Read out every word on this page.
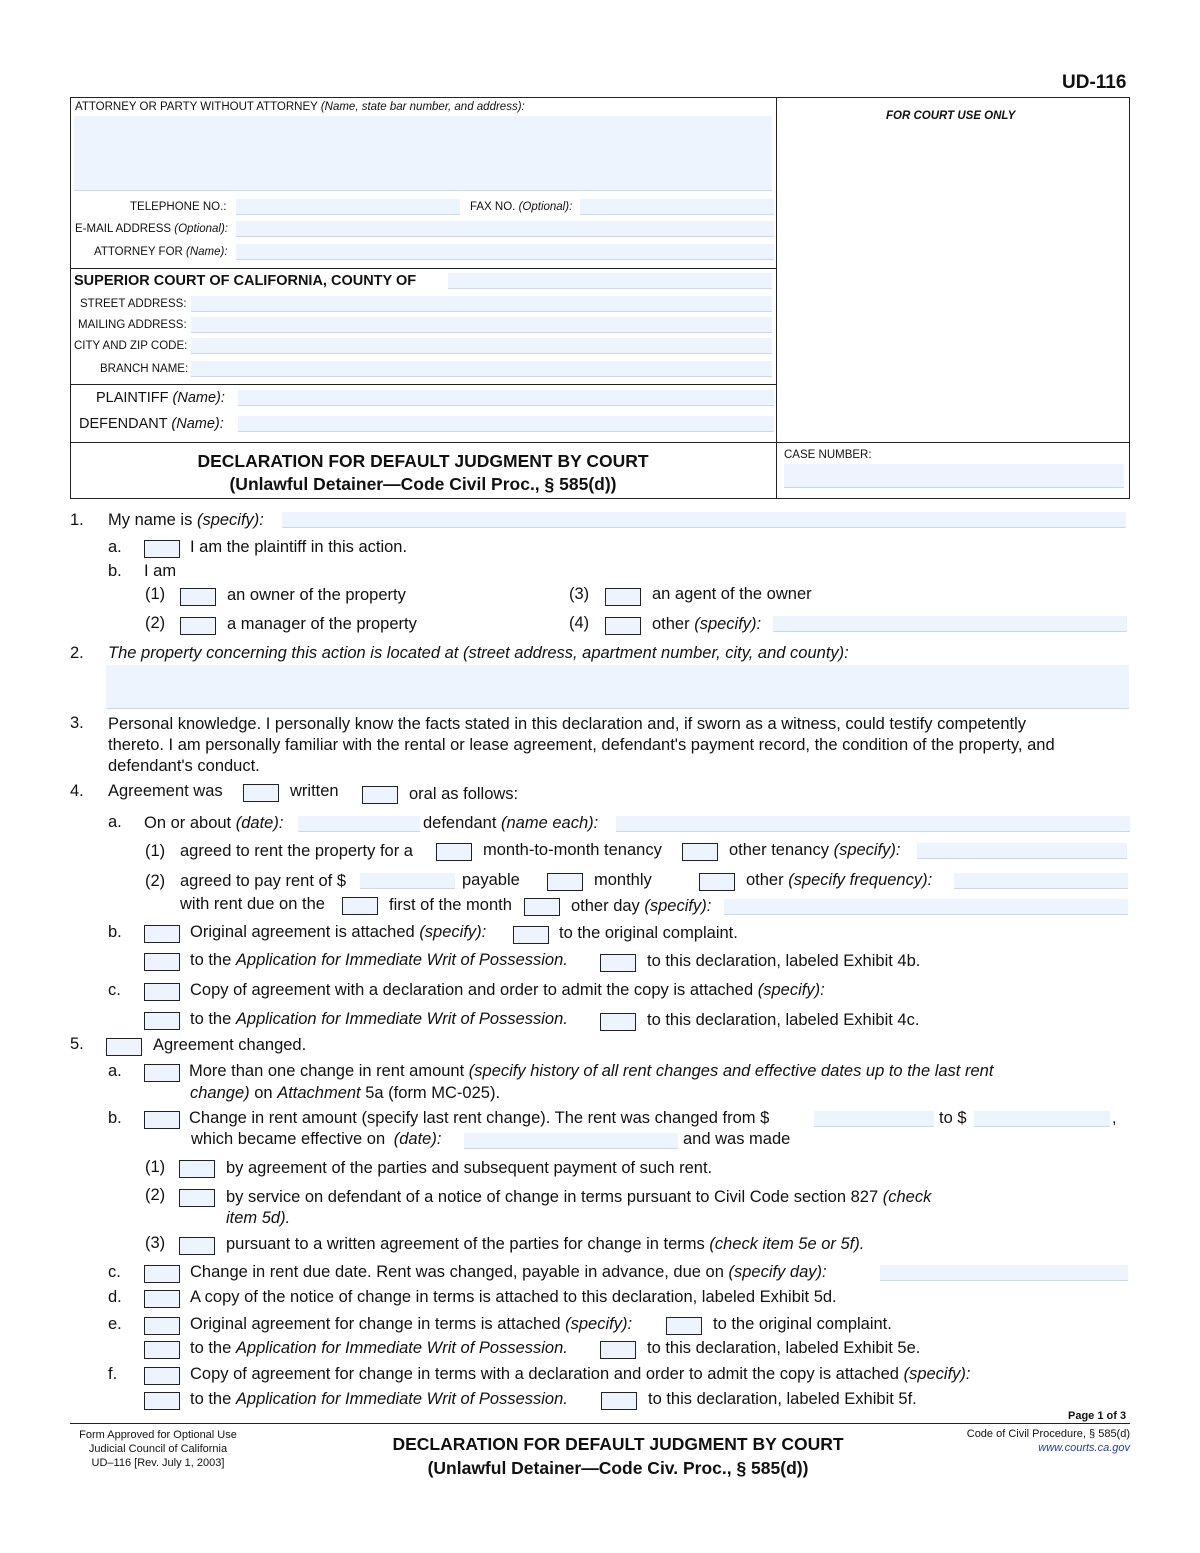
UD-116
ATTORNEY OR PARTY WITHOUT ATTORNEY (Name, state bar number, and address):
TELEPHONE NO.:	FAX NO. (Optional):
E-MAIL ADDRESS (Optional):
ATTORNEY FOR (Name):
FOR COURT USE ONLY
SUPERIOR COURT OF CALIFORNIA, COUNTY OF
STREET ADDRESS:
MAILING ADDRESS:
CITY AND ZIP CODE:
BRANCH NAME:
PLAINTIFF (Name):
DEFENDANT (Name):
DECLARATION FOR DEFAULT JUDGMENT BY COURT
(Unlawful Detainer—Code Civil Proc., § 585(d))
CASE NUMBER:
1. My name is (specify):
a.	I am the plaintiff in this action.
b. I am
(1)	an owner of the property	(3)	an agent of the owner
(2)	a manager of the property	(4)	other (specify):
2. The property concerning this action is located at (street address, apartment number, city, and county):
3. Personal knowledge. I personally know the facts stated in this declaration and, if sworn as a witness, could testify competently
thereto. I am personally familiar with the rental or lease agreement, defendant's payment record, the condition of the property, and
defendant's conduct.
4. Agreement was	written	oral as follows:
a. On or about (date):	defendant (name each):
(1) agreed to rent the property for a	month-to-month tenancy	other tenancy (specify):
(2) agreed to pay rent of $	payable	monthly	other (specify frequency):
with rent due on the	first of the month	other day (specify):
b.	Original agreement is attached (specify):	to the original complaint.
to the Application for Immediate Writ of Possession.	to this declaration, labeled Exhibit 4b.
c.	Copy of agreement with a declaration and order to admit the copy is attached (specify):
to the Application for Immediate Writ of Possession.	to this declaration, labeled Exhibit 4c.
5.	Agreement changed.
a.	More than one change in rent amount (specify history of all rent changes and effective dates up to the last rent
change) on Attachment 5a (form MC-025).
b.	Change in rent amount (specify last rent change). The rent was changed from $	to $	,
which became effective on (date):	and was made
(1)	by agreement of the parties and subsequent payment of such rent.
(2)	by service on defendant of a notice of change in terms pursuant to Civil Code section 827 (check
item 5d).
(3)	pursuant to a written agreement of the parties for change in terms (check item 5e or 5f).
c.	Change in rent due date. Rent was changed, payable in advance, due on (specify day):
d.	A copy of the notice of change in terms is attached to this declaration, labeled Exhibit 5d.
e.	Original agreement for change in terms is attached (specify):	to the original complaint.
to the Application for Immediate Writ of Possession.	to this declaration, labeled Exhibit 5e.
f.	Copy of agreement for change in terms with a declaration and order to admit the copy is attached (specify):
to the Application for Immediate Writ of Possession.	to this declaration, labeled Exhibit 5f.
Page 1 of 3
Form Approved for Optional Use
Judicial Council of California
UD–116 [Rev. July 1, 2003]
DECLARATION FOR DEFAULT JUDGMENT BY COURT
(Unlawful Detainer—Code Civ. Proc., § 585(d))
Code of Civil Procedure, § 585(d)
www.courts.ca.gov
